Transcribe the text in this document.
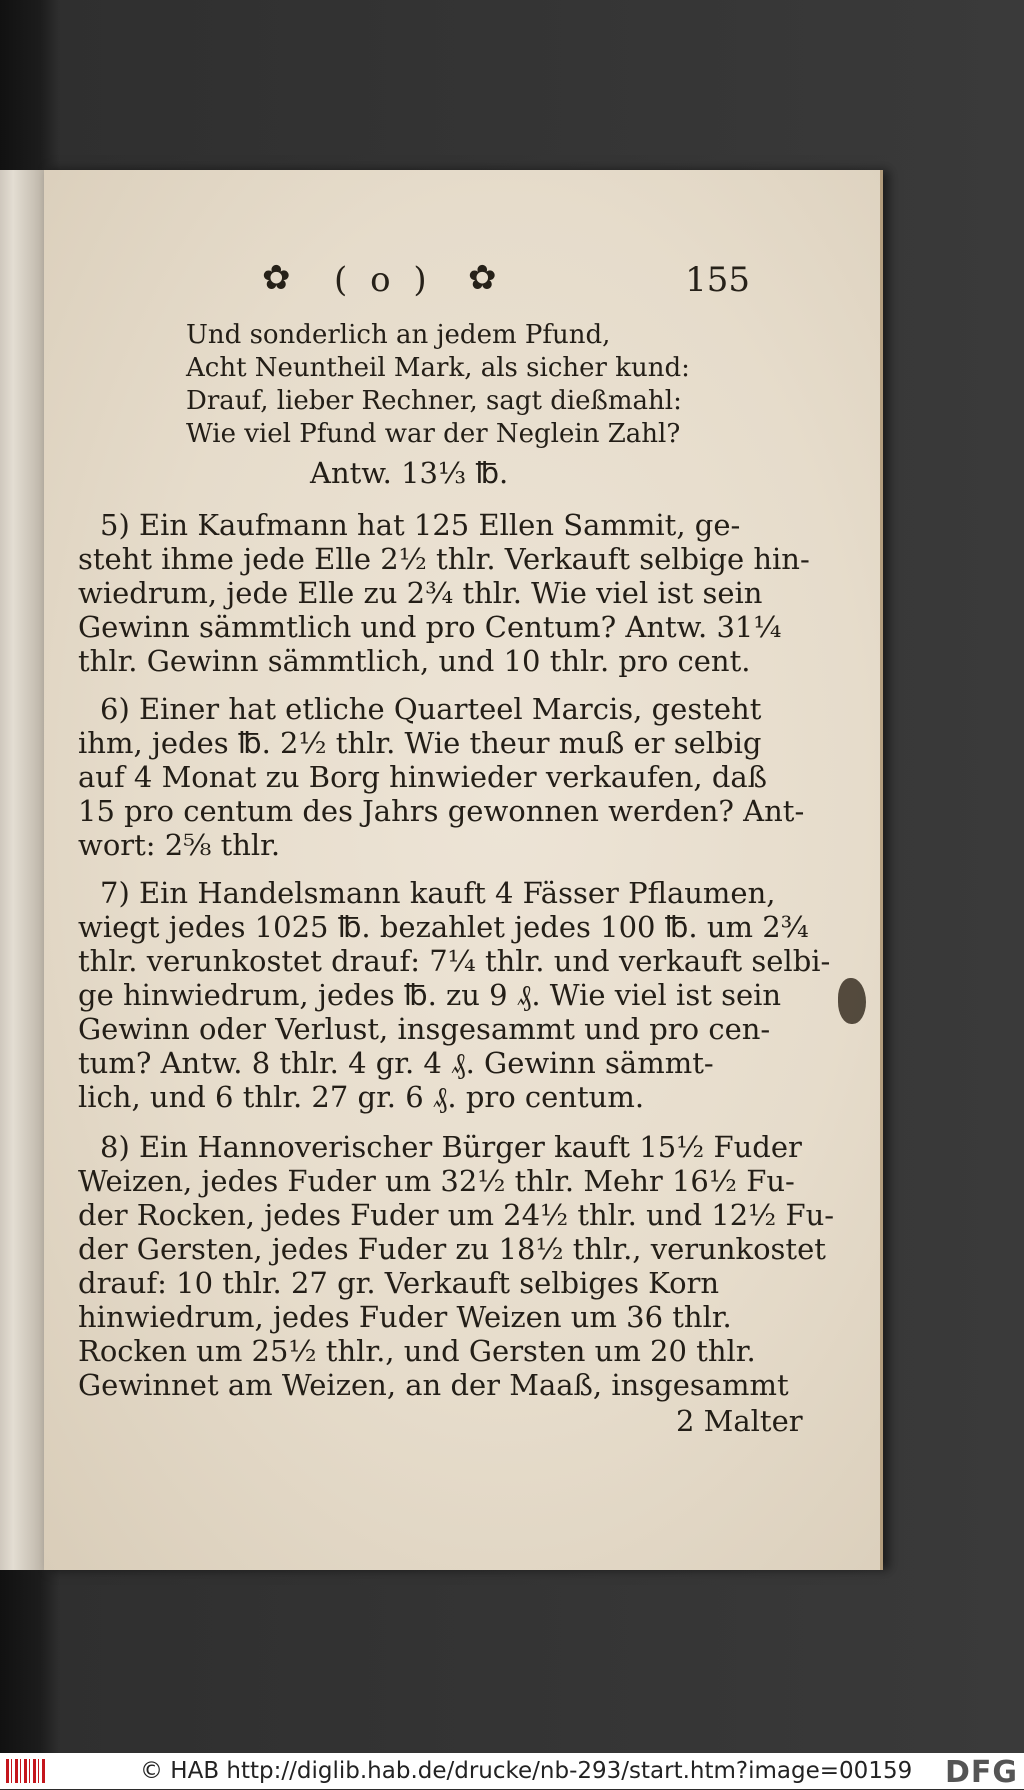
✿ ( o ) ✿	155
Und sonderlich an jedem Pfund,
Acht Neuntheil Mark, als sicher kund:
Drauf, lieber Rechner, sagt dießmahl:
Wie viel Pfund war der Neglein Zahl?
Antw. 13⅓ ℔.
5) Ein Kaufmann hat 125 Ellen Sammit, ge-
steht ihme jede Elle 2½ thlr. Verkauft selbige hin-
wiedrum, jede Elle zu 2¾ thlr. Wie viel ist sein
Gewinn sämmtlich und pro Centum? Antw. 31¼
thlr. Gewinn sämmtlich, und 10 thlr. pro cent.
6) Einer hat etliche Quarteel Marcis, gesteht
ihm, jedes ℔. 2½ thlr. Wie theur muß er selbig
auf 4 Monat zu Borg hinwieder verkaufen, daß
15 pro centum des Jahrs gewonnen werden? Ant-
wort: 2⅝ thlr.
7) Ein Handelsmann kauft 4 Fässer Pflaumen,
wiegt jedes 1025 ℔. bezahlet jedes 100 ℔. um 2¾
thlr. verunkostet drauf: 7¼ thlr. und verkauft selbi-
ge hinwiedrum, jedes ℔. zu 9 ₰. Wie viel ist sein
Gewinn oder Verlust, insgesammt und pro cen-
tum? Antw. 8 thlr. 4 gr. 4 ₰. Gewinn sämmt-
lich, und 6 thlr. 27 gr. 6 ₰. pro centum.
8) Ein Hannoverischer Bürger kauft 15½ Fuder
Weizen, jedes Fuder um 32½ thlr. Mehr 16½ Fu-
der Rocken, jedes Fuder um 24½ thlr. und 12½ Fu-
der Gersten, jedes Fuder zu 18½ thlr., verunkostet
drauf: 10 thlr. 27 gr. Verkauft selbiges Korn
hinwiedrum, jedes Fuder Weizen um 36 thlr.
Rocken um 25½ thlr., und Gersten um 20 thlr.
Gewinnet am Weizen, an der Maaß, insgesammt
2 Malter
© HAB http://diglib.hab.de/drucke/nb-293/start.htm?image=00159 DFG
